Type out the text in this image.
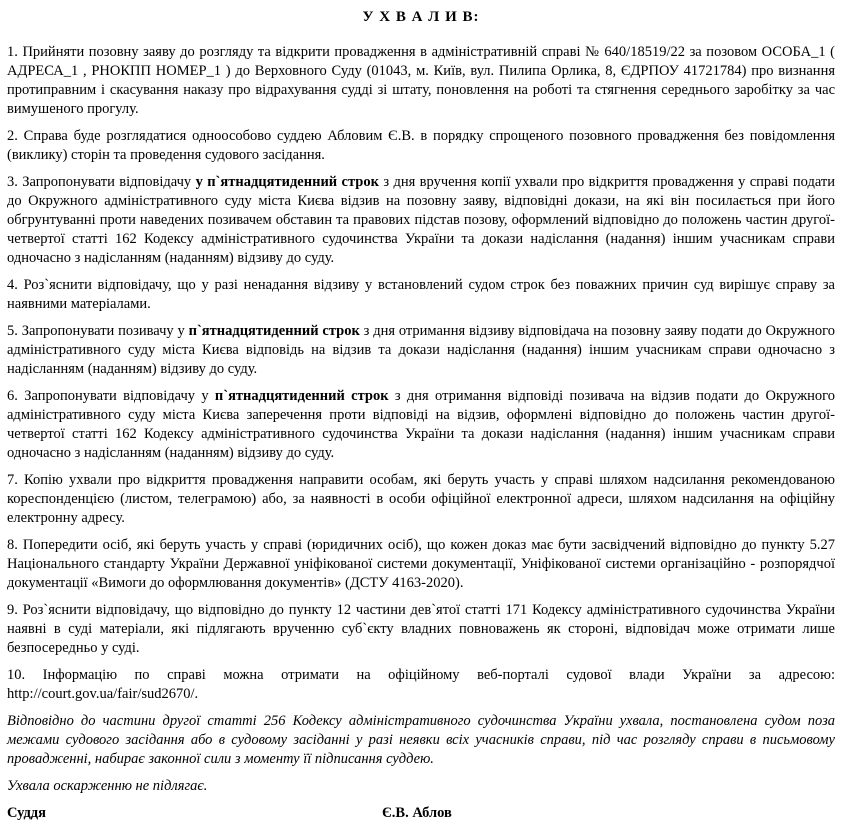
У Х В А Л И В:

1. Прийняти позовну заяву до розгляду та відкрити провадження в адміністративній справі № 640/18519/22 за позовом ОСОБА_1 ( АДРЕСА_1 , РНОКПП НОМЕР_1 ) до Верховного Суду (01043, м. Київ, вул. Пилипа Орлика, 8, ЄДРПОУ 41721784) про визнання протиправним і скасування наказу про відрахування судді зі штату, поновлення на роботі та стягнення середнього заробітку за час вимушеного прогулу.

2. Справа буде розглядатися одноособово суддею Абловим Є.В. в порядку спрощеного позовного провадження без повідомлення (виклику) сторін та проведення судового засідання.

3. Запропонувати відповідачу у п`ятнадцятиденний строк з дня вручення копії ухвали про відкриття провадження у справі подати до Окружного адміністративного суду міста Києва відзив на позовну заяву, відповідні докази, на які він посилається при його обгрунтуванні проти наведених позивачем обставин та правових підстав позову, оформлений відповідно до положень частин другої-четвертої статті 162 Кодексу адміністративного судочинства України та докази надіслання (надання) іншим учасникам справи одночасно з надісланням (наданням) відзиву до суду.

4. Роз`яснити відповідачу, що у разі ненадання відзиву у встановлений судом строк без поважних причин суд вирішує справу за наявними матеріалами.

5. Запропонувати позивачу у п`ятнадцятиденний строк з дня отримання відзиву відповідача на позовну заяву подати до Окружного адміністративного суду міста Києва відповідь на відзив та докази надіслання (надання) іншим учасникам справи одночасно з надісланням (наданням) відзиву до суду.

6. Запропонувати відповідачу у п`ятнадцятиденний строк з дня отримання відповіді позивача на відзив подати до Окружного адміністративного суду міста Києва заперечення проти відповіді на відзив, оформлені відповідно до положень частин другої-четвертої статті 162 Кодексу адміністративного судочинства України та докази надіслання (надання) іншим учасникам справи одночасно з надісланням (наданням) відзиву до суду.

7. Копію ухвали про відкриття провадження направити особам, які беруть участь у справі шляхом надсилання рекомендованою кореспонденцією (листом, телеграмою) або, за наявності в особи офіційної електронної адреси, шляхом надсилання на офіційну електронну адресу.

8. Попередити осіб, які беруть участь у справі (юридичних осіб), що кожен доказ має бути засвідчений відповідно до пункту 5.27 Національного стандарту України Державної уніфікованої системи документації, Уніфікованої системи організаційно - розпорядчої документації «Вимоги до оформлювання документів» (ДСТУ 4163-2020).

9. Роз`яснити відповідачу, що відповідно до пункту 12 частини дев`ятої статті 171 Кодексу адміністративного судочинства України наявні в суді матеріали, які підлягають врученню суб`єкту владних повноважень як стороні, відповідач може отримати лише безпосередньо у суді.

10. Інформацію по справі можна отримати на офіційному веб-порталі судової влади України за адресою: http://court.gov.ua/fair/sud2670/.

Відповідно до частини другої статті 256 Кодексу адміністративного судочинства України ухвала, постановлена судом поза межами судового засідання або в судовому засіданні у разі неявки всіх учасників справи, під час розгляду справи в письмовому провадженні, набирає законної сили з моменту її підписання суддею.

Ухвала оскарженню не підлягає.

Суддя	Є.В. Аблов
